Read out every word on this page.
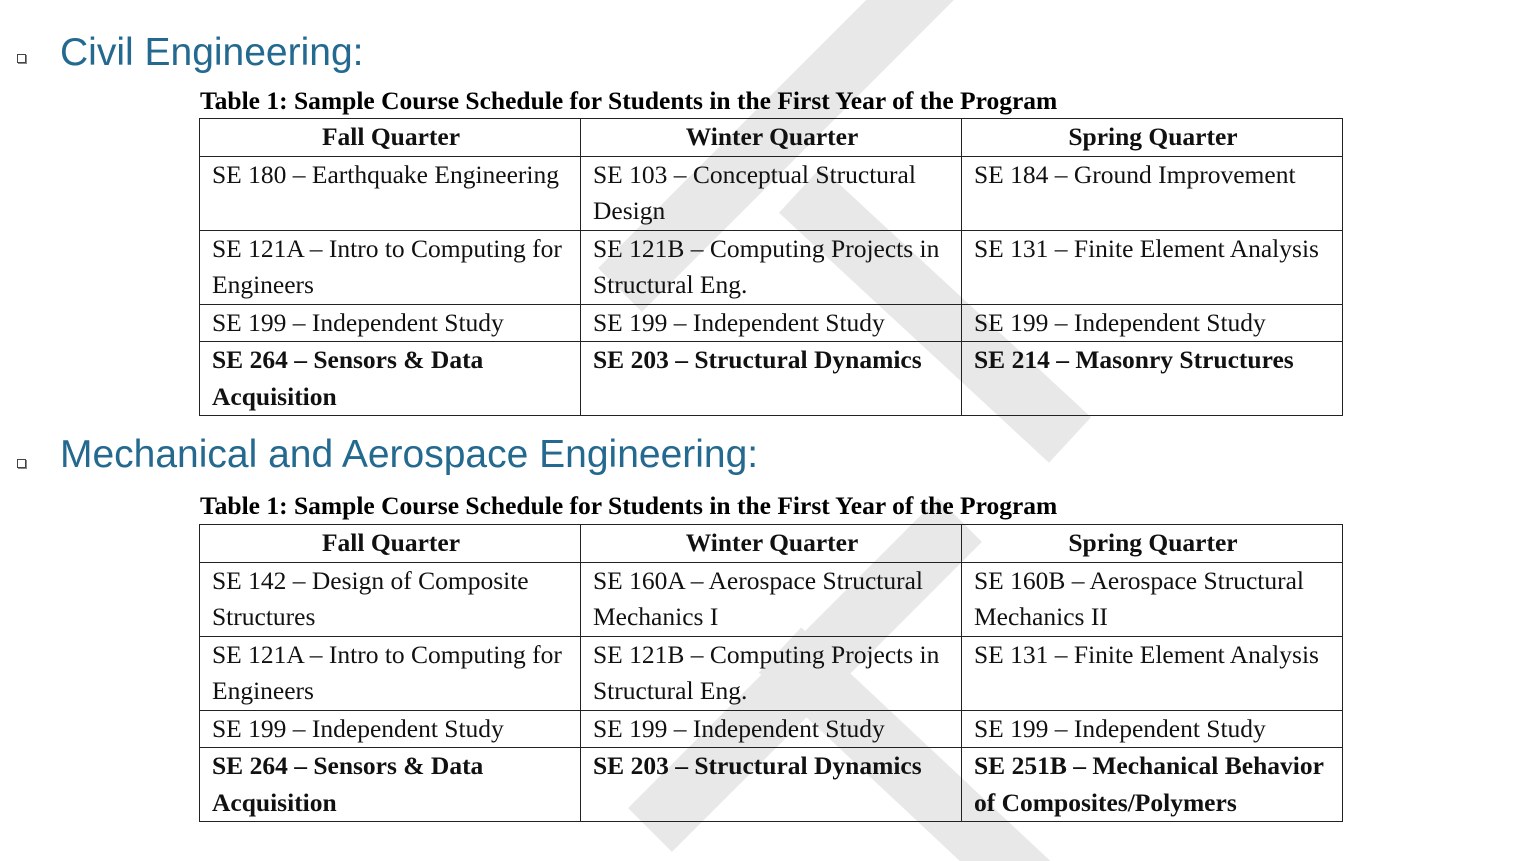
Civil Engineering:
Table 1: Sample Course Schedule for Students in the First Year of the Program
Fall Quarter	Winter Quarter	Spring Quarter
SE 180 – Earthquake Engineering	SE 103 – Conceptual Structural Design	SE 184 – Ground Improvement
SE 121A – Intro to Computing for Engineers	SE 121B – Computing Projects in Structural Eng.	SE 131 – Finite Element Analysis
SE 199 – Independent Study	SE 199 – Independent Study	SE 199 – Independent Study
SE 264 – Sensors & Data Acquisition	SE 203 – Structural Dynamics	SE 214 – Masonry Structures
Mechanical and Aerospace Engineering:
Table 1: Sample Course Schedule for Students in the First Year of the Program
Fall Quarter	Winter Quarter	Spring Quarter
SE 142 – Design of Composite Structures	SE 160A – Aerospace Structural Mechanics I	SE 160B – Aerospace Structural Mechanics II
SE 121A – Intro to Computing for Engineers	SE 121B – Computing Projects in Structural Eng.	SE 131 – Finite Element Analysis
SE 199 – Independent Study	SE 199 – Independent Study	SE 199 – Independent Study
SE 264 – Sensors & Data Acquisition	SE 203 – Structural Dynamics	SE 251B – Mechanical Behavior of Composites/Polymers
